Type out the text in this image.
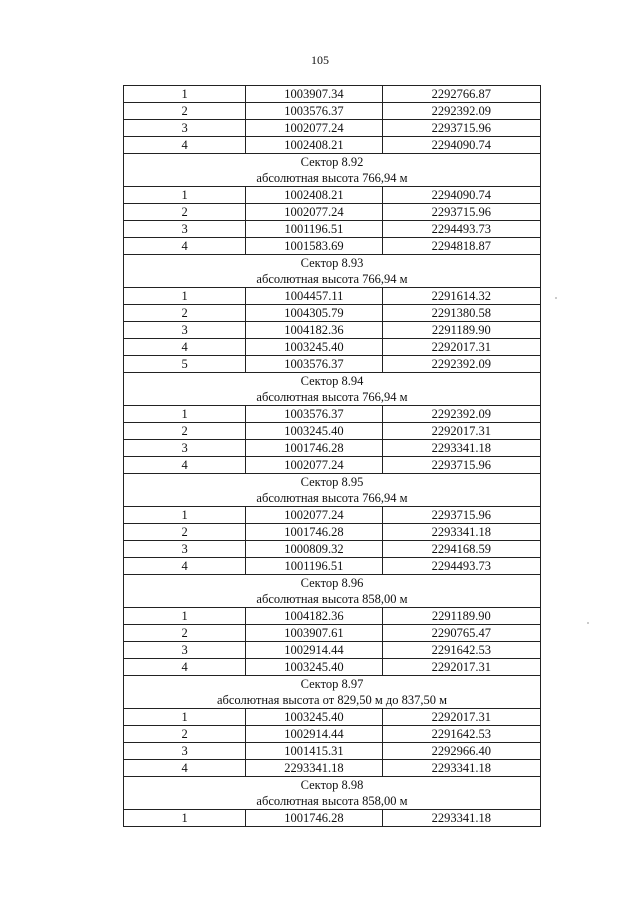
105
1	1003907.34	2292766.87
2	1003576.37	2292392.09
3	1002077.24	2293715.96
4	1002408.21	2294090.74
Сектор 8.92		
абсолютная высота 766,94 м		
1	1002408.21	2294090.74
2	1002077.24	2293715.96
3	1001196.51	2294493.73
4	1001583.69	2294818.87
Сектор 8.93		
абсолютная высота 766,94 м		
1	1004457.11	2291614.32
2	1004305.79	2291380.58
3	1004182.36	2291189.90
4	1003245.40	2292017.31
5	1003576.37	2292392.09
Сектор 8.94		
абсолютная высота 766,94 м		
1	1003576.37	2292392.09
2	1003245.40	2292017.31
3	1001746.28	2293341.18
4	1002077.24	2293715.96
Сектор 8.95		
абсолютная высота 766,94 м		
1	1002077.24	2293715.96
2	1001746.28	2293341.18
3	1000809.32	2294168.59
4	1001196.51	2294493.73
Сектор 8.96		
абсолютная высота 858,00 м		
1	1004182.36	2291189.90
2	1003907.61	2290765.47
3	1002914.44	2291642.53
4	1003245.40	2292017.31
Сектор 8.97		
абсолютная высота от 829,50 м до 837,50 м		
1	1003245.40	2292017.31
2	1002914.44	2291642.53
3	1001415.31	2292966.40
4	2293341.18	2293341.18
Сектор 8.98		
абсолютная высота 858,00 м		
1	1001746.28	2293341.18
